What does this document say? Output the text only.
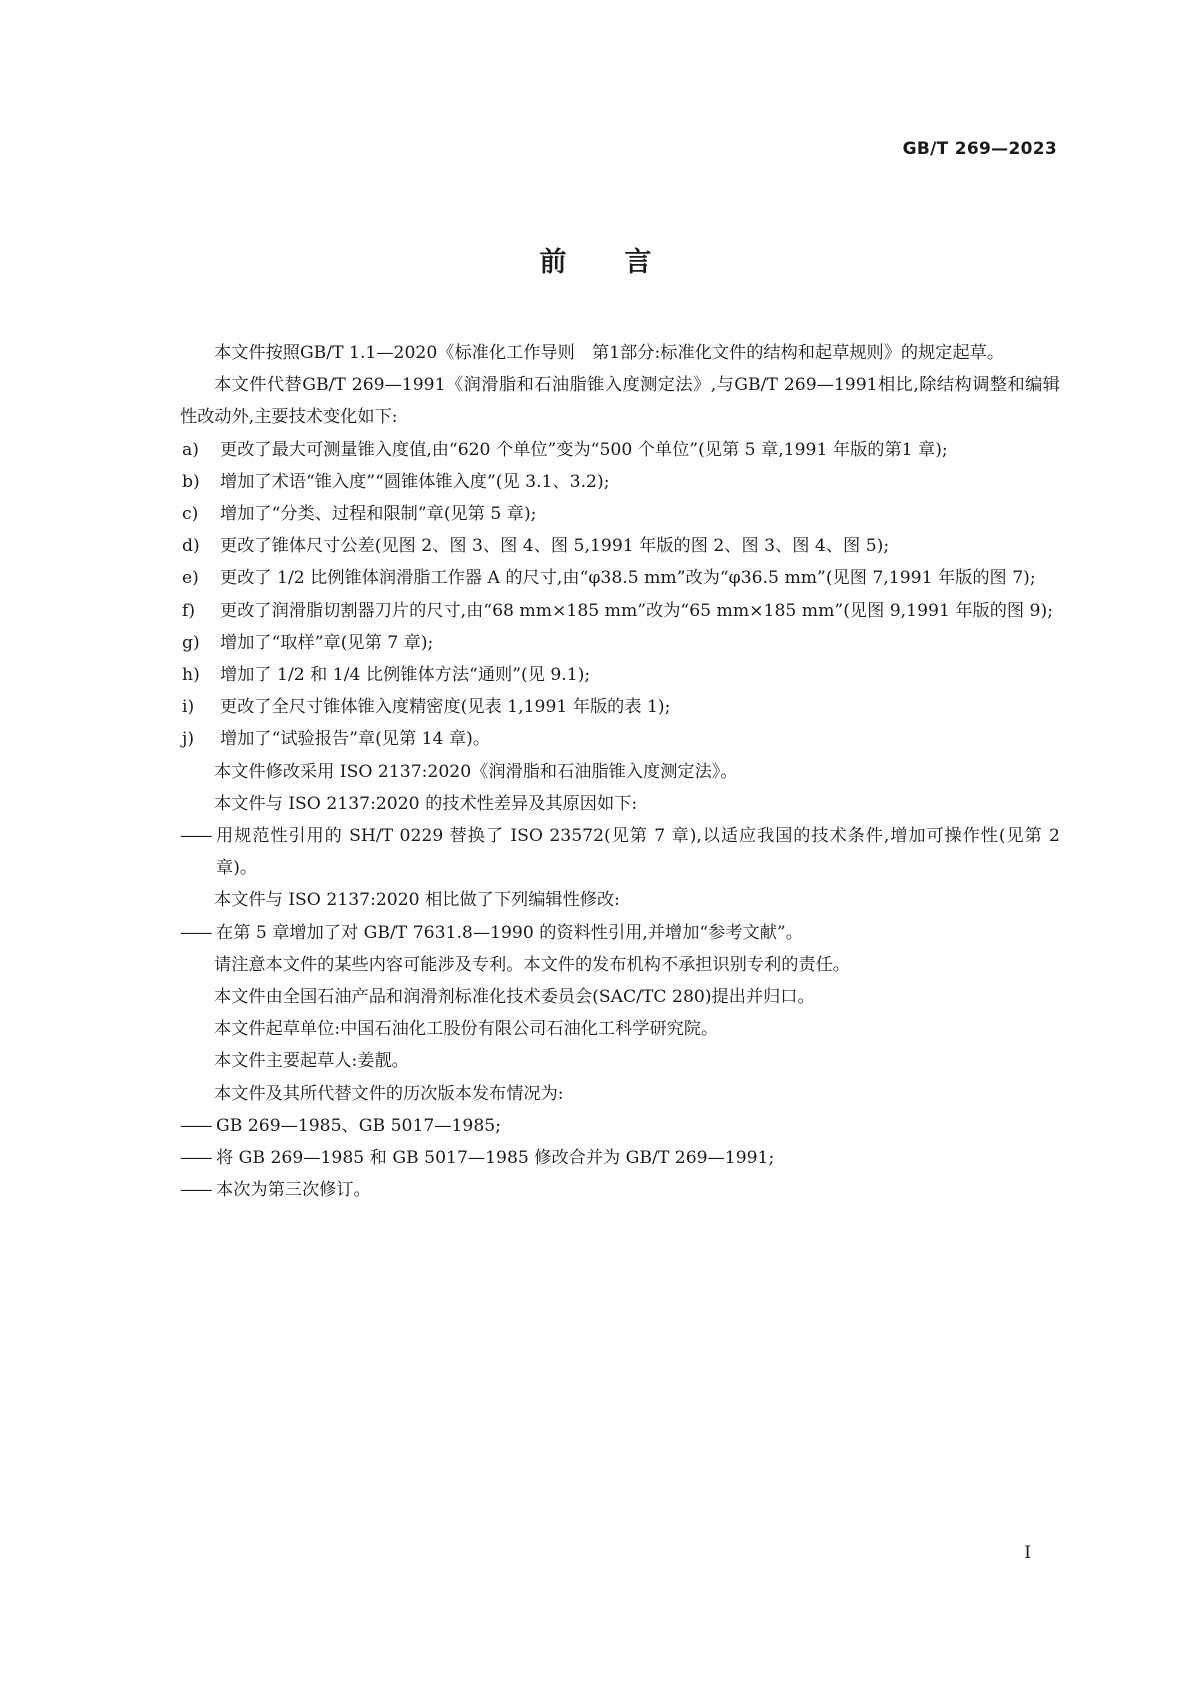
GB/T 269—2023
前言

本文件按照GB/T 1.1—2020《标准化工作导则　第1部分:标准化文件的结构和起草规则》的规定起草。

本文件代替GB/T 269—1991《润滑脂和石油脂锥入度测定法》,与GB/T 269—1991相比,除结构调整和编辑性改动外,主要技术变化如下:

a)	更改了最大可测量锥入度值,由“620 个单位”变为“500 个单位”(见第 5 章,1991 年版的第1 章);
b)	增加了术语“锥入度”“圆锥体锥入度”(见 3.1、3.2);
c)	增加了“分类、过程和限制”章(见第 5 章);
d)	更改了锥体尺寸公差(见图 2、图 3、图 4、图 5,1991 年版的图 2、图 3、图 4、图 5);
e)	更改了 1/2 比例锥体润滑脂工作器 A 的尺寸,由“φ38.5 mm”改为“φ36.5 mm”(见图 7,1991 年版的图 7);
f)	更改了润滑脂切割器刀片的尺寸,由“68 mm×185 mm”改为“65 mm×185 mm”(见图 9,1991 年版的图 9);
g)	增加了“取样”章(见第 7 章);
h)	增加了 1/2 和 1/4 比例锥体方法“通则”(见 9.1);
i)	更改了全尺寸锥体锥入度精密度(见表 1,1991 年版的表 1);
j)	增加了“试验报告”章(见第 14 章)。

本文件修改采用 ISO 2137:2020《润滑脂和石油脂锥入度测定法》。

本文件与 ISO 2137:2020 的技术性差异及其原因如下:

—— 用规范性引用的 SH/T 0229 替换了 ISO 23572(见第 7 章),以适应我国的技术条件,增加可操作性(见第 2 章)。

本文件与 ISO 2137:2020 相比做了下列编辑性修改:

—— 在第 5 章增加了对 GB/T 7631.8—1990 的资料性引用,并增加“参考文献”。

请注意本文件的某些内容可能涉及专利。本文件的发布机构不承担识别专利的责任。

本文件由全国石油产品和润滑剂标准化技术委员会(SAC/TC 280)提出并归口。

本文件起草单位:中国石油化工股份有限公司石油化工科学研究院。

本文件主要起草人:姜靓。

本文件及其所代替文件的历次版本发布情况为:

—— GB 269—1985、GB 5017—1985;
—— 将 GB 269—1985 和 GB 5017—1985 修改合并为 GB/T 269—1991;
—— 本次为第三次修订。
I
